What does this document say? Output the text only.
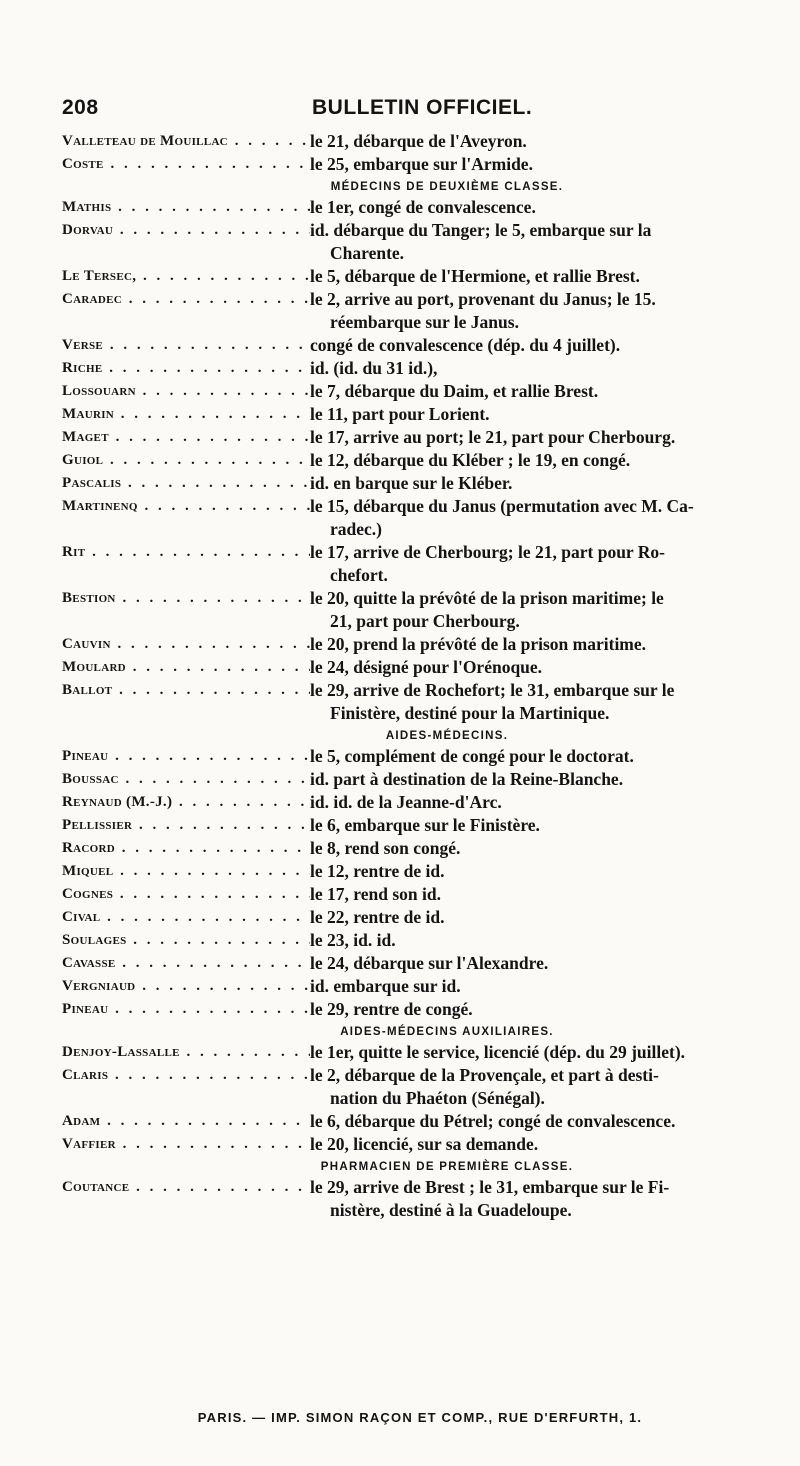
208	BULLETIN OFFICIEL.
Valleteau de Mouillac . . .	le 21, débarque de l'Aveyron.
Coste . . .	le 25, embarque sur l'Armide.
MÉDECINS DE DEUXIÈME CLASSE.
Mathis . . .	le 1er, congé de convalescence.
Dorvau . . .	id. débarque du Tanger; le 5, embarque sur la
Charente.
Le Tersec, . . .	le 5, débarque de l'Hermione, et rallie Brest.
Caradec . . .	le 2, arrive au port, provenant du Janus; le 15.
réembarque sur le Janus.
Verse . . .	congé de convalescence (dép. du 4 juillet).
Riche . . .	id. (id. du 31 id.),
Lossouarn . . .	le 7, débarque du Daim, et rallie Brest.
Maurin . . .	le 11, part pour Lorient.
Maget . . .	le 17, arrive au port; le 21, part pour Cherbourg.
Guiol . . .	le 12, débarque du Kléber ; le 19, en congé.
Pascalis . . .	id. en barque sur le Kléber.
Martinenq . . .	le 15, débarque du Janus (permutation avec M. Ca-
radec.)
Rit . . .	le 17, arrive de Cherbourg; le 21, part pour Ro-
chefort.
Bestion . . .	le 20, quitte la prévôté de la prison maritime; le
21, part pour Cherbourg.
Cauvin . . .	le 20, prend la prévôté de la prison maritime.
Moulard . . .	le 24, désigné pour l'Orénoque.
Ballot . . .	le 29, arrive de Rochefort; le 31, embarque sur le
Finistère, destiné pour la Martinique.
AIDES-MÉDECINS.
Pineau . . .	le 5, complément de congé pour le doctorat.
Boussac . . .	id. part à destination de la Reine-Blanche.
Reynaud (M.-J.) . . .	id. id. de la Jeanne-d'Arc.
Pellissier . . .	le 6, embarque sur le Finistère.
Racord . . .	le 8, rend son congé.
Miquel . . .	le 12, rentre de id.
Cognes . . .	le 17, rend son id.
Cival . . .	le 22, rentre de id.
Soulages . . .	le 23, id. id.
Cavasse . . .	le 24, débarque sur l'Alexandre.
Vergniaud . . .	id. embarque sur id.
Pineau . . .	le 29, rentre de congé.
AIDES-MÉDECINS AUXILIAIRES.
Denjoy-Lassalle . . .	le 1er, quitte le service, licencié (dép. du 29 juillet).
Claris . . .	le 2, débarque de la Provençale, et part à desti-
nation du Phaéton (Sénégal).
Adam . . .	le 6, débarque du Pétrel; congé de convalescence.
Vaffier . . .	le 20, licencié, sur sa demande.
PHARMACIEN DE PREMIÈRE CLASSE.
Coutance . . .	le 29, arrive de Brest ; le 31, embarque sur le Fi-
nistère, destiné à la Guadeloupe.
PARIS. — IMP. SIMON RAÇON ET COMP., RUE D'ERFURTH, 1.
